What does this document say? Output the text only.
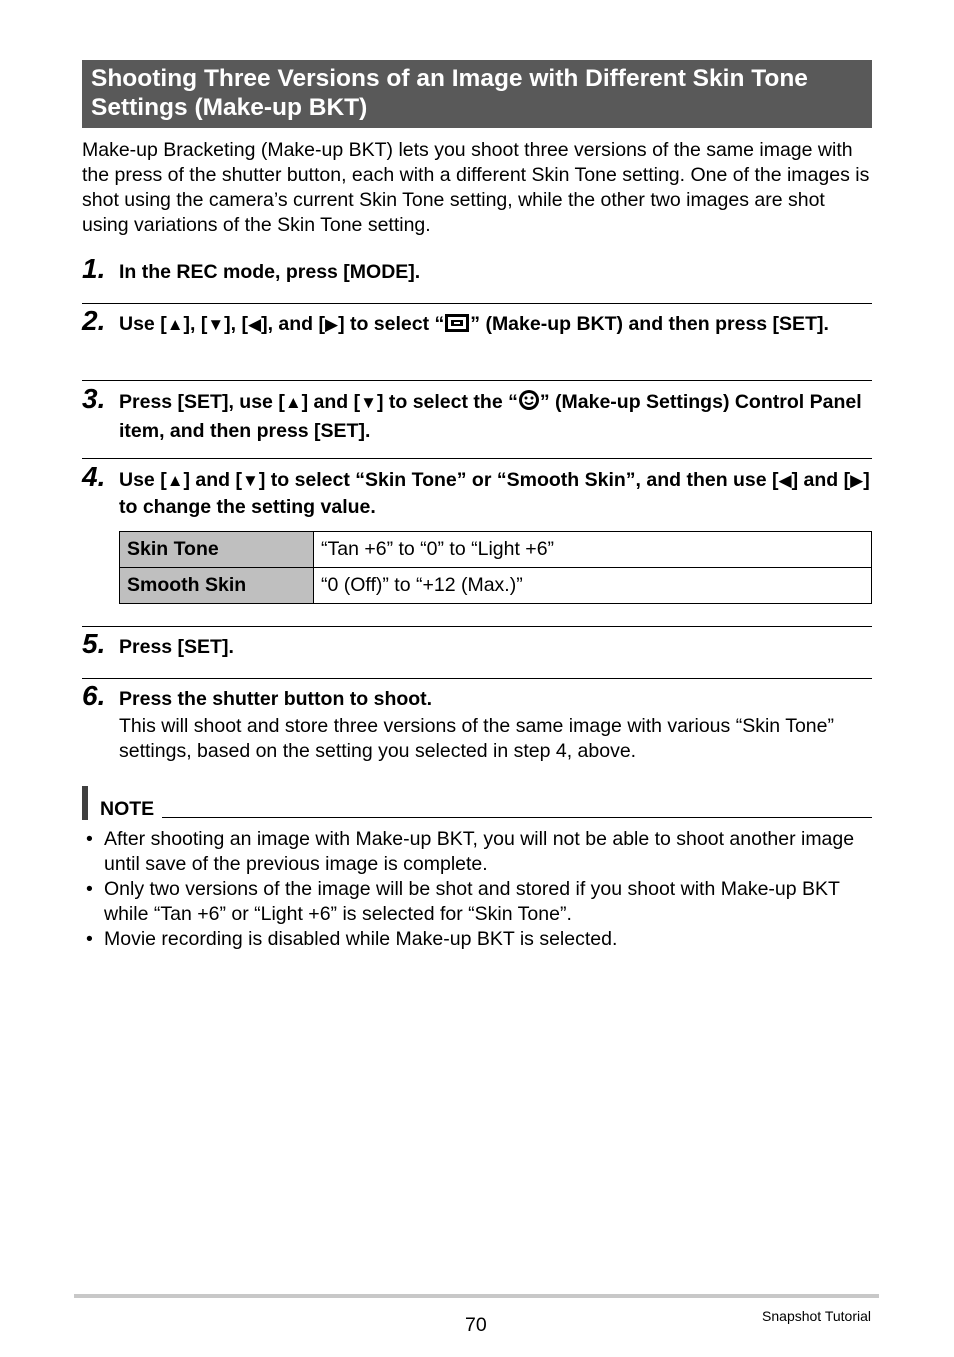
Shooting Three Versions of an Image with Different Skin Tone Settings (Make-up BKT)

Make-up Bracketing (Make-up BKT) lets you shoot three versions of the same image with the press of the shutter button, each with a different Skin Tone setting. One of the images is shot using the camera’s current Skin Tone setting, while the other two images are shot using variations of the Skin Tone setting.

1. In the REC mode, press [MODE].

2. Use [▲], [▼], [◀], and [▶] to select “ ” (Make-up BKT) and then press [SET].

3. Press [SET], use [▲] and [▼] to select the “ ” (Make-up Settings) Control Panel item, and then press [SET].

4. Use [▲] and [▼] to select “Skin Tone” or “Smooth Skin”, and then use [◀] and [▶] to change the setting value.

Skin Tone	“Tan +6” to “0” to “Light +6”
Smooth Skin	“0 (Off)” to “+12 (Max.)”
5. Press [SET].

6. Press the shutter button to shoot.

This will shoot and store three versions of the same image with various “Skin Tone” settings, based on the setting you selected in step 4, above.

NOTE
• After shooting an image with Make-up BKT, you will not be able to shoot another image until save of the previous image is complete.
• Only two versions of the image will be shot and stored if you shoot with Make-up BKT while “Tan +6” or “Light +6” is selected for “Skin Tone”.
• Movie recording is disabled while Make-up BKT is selected.
70	Snapshot Tutorial
